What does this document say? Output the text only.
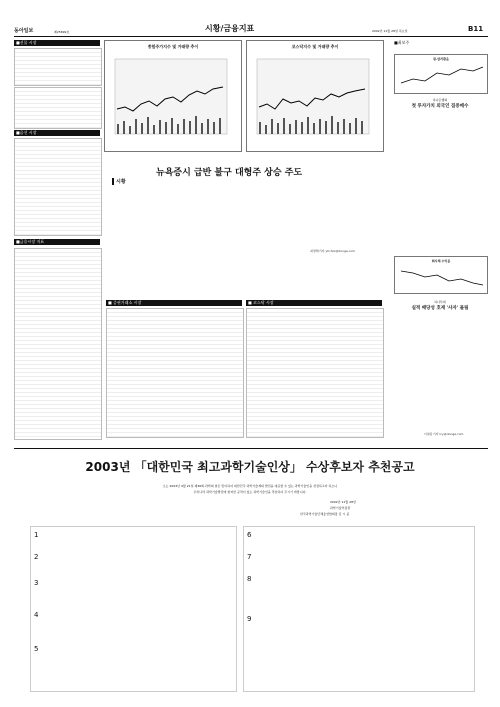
동아일보	제25899호	시황/금융지표	2002년 11월 28일 목요일	B11
■선물 시장
■옵션 시장
■금융시장 지표
종합주가지수 및 거래량 추이	코스닥지수 및 거래량 추이
시황
뉴욕증시 급반 불구 대형주 상승 주도
최영해기자 yhchoi@donga.com
■ 증권거래소 시장	■ 코스닥 시장
■최보주
원-달러환율
하나은행의
첫 투자가치 외국인 집중매수
회사채 수익률
하나투데
실적 배당성 호재 '사자' 몰림
이철용기자 lcy@donga.com
2003년 「대한민국 최고과학기술인상」 수상후보자 추천공고
오는 2003년 4월 21일 제36회 과학의 날은 맞이하여 대한민국 과학기술계의 발전을 대표할 수 있는 과학기술인을 선정하고자 하오니
우리나라 과학기술발전에 현저한 공적이 있는 과학기술인을 추천하여 주시기 바랍니다.
2002년 11월 28일
과학기술부장관
한국과학기술단체총연합회장 김 시 중
1
2
3
4
5
6
7
8
9
